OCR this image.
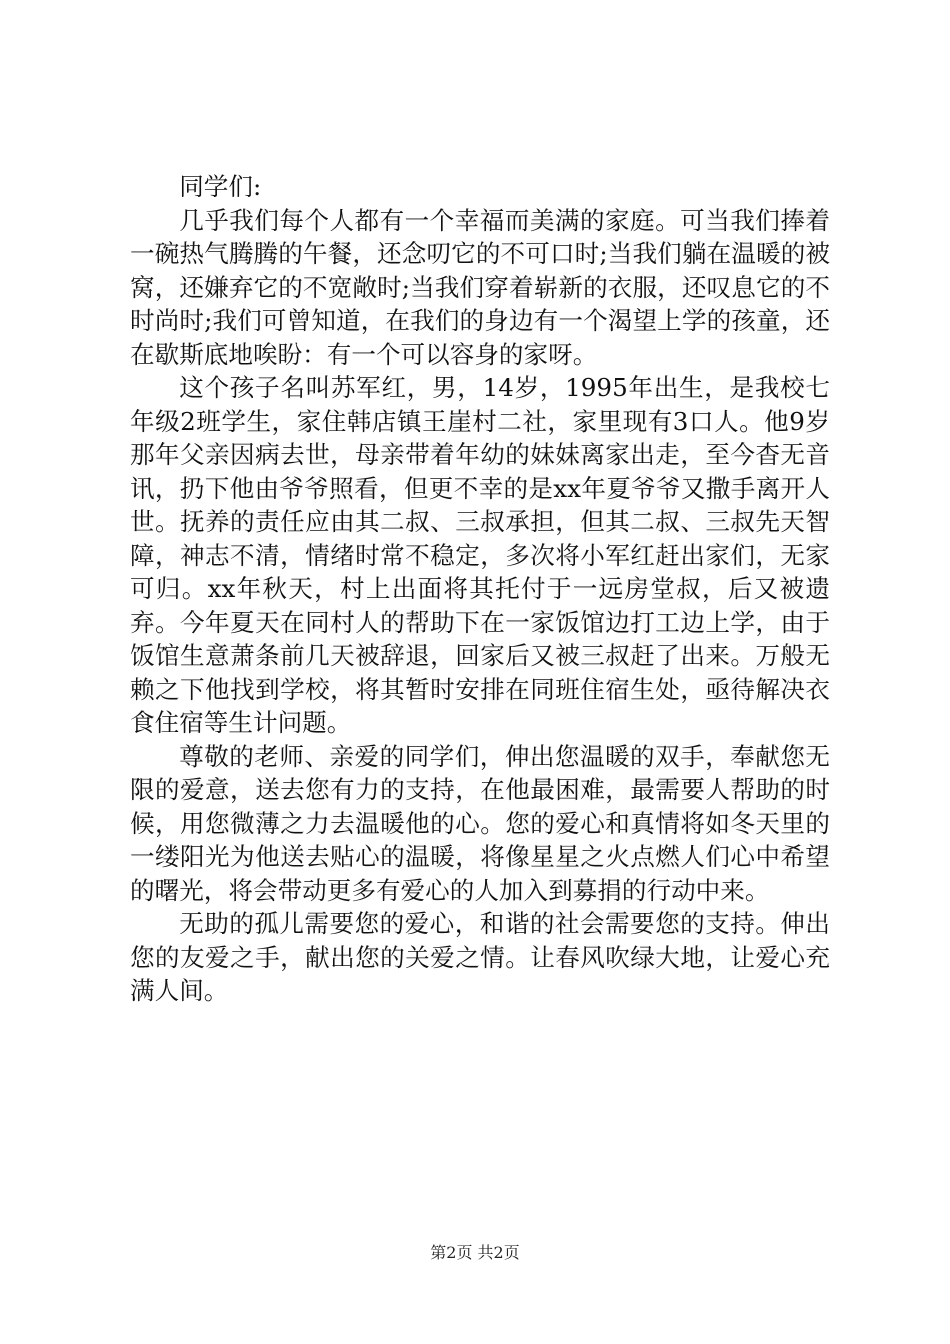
同学们:

几乎我们每个人都有一个幸福而美满的家庭。可当我们捧着一碗热气腾腾的午餐，还念叨它的不可口时;当我们躺在温暖的被窝，还嫌弃它的不宽敞时;当我们穿着崭新的衣服，还叹息它的不时尚时;我们可曾知道，在我们的身边有一个渴望上学的孩童，还在歇斯底地唉盼：有一个可以容身的家呀。

这个孩子名叫苏军红，男，14岁，1995年出生，是我校七年级2班学生，家住韩店镇王崖村二社，家里现有3口人。他9岁那年父亲因病去世，母亲带着年幼的妹妹离家出走，至今杳无音讯，扔下他由爷爷照看，但更不幸的是xx年夏爷爷又撒手离开人世。抚养的责任应由其二叔、三叔承担，但其二叔、三叔先天智障，神志不清，情绪时常不稳定，多次将小军红赶出家们，无家可归。xx年秋天，村上出面将其托付于一远房堂叔，后又被遗弃。今年夏天在同村人的帮助下在一家饭馆边打工边上学，由于饭馆生意萧条前几天被辞退，回家后又被三叔赶了出来。万般无赖之下他找到学校，将其暂时安排在同班住宿生处，亟待解决衣食住宿等生计问题。

尊敬的老师、亲爱的同学们，伸出您温暖的双手，奉献您无限的爱意，送去您有力的支持，在他最困难，最需要人帮助的时候，用您微薄之力去温暖他的心。您的爱心和真情将如冬天里的一缕阳光为他送去贴心的温暖，将像星星之火点燃人们心中希望的曙光，将会带动更多有爱心的人加入到募捐的行动中来。

无助的孤儿需要您的爱心，和谐的社会需要您的支持。伸出您的友爱之手，献出您的关爱之情。让春风吹绿大地，让爱心充满人间。

第2页 共2页
